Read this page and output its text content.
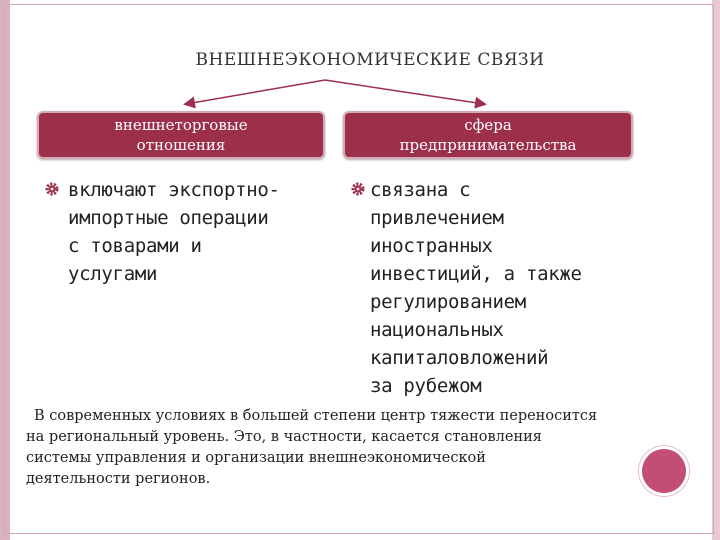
ВНЕШНЕЭКОНОМИЧЕСКИЕ СВЯЗИ
внешнеторговые
отношения
сфера
предпринимательства
включают экспортно-
импортные операции
с товарами и
услугами
связана с
привлечением
иностранных
инвестиций, а также
регулированием
национальных
капиталовложений
за рубежом
В современных условиях в большей степени центр тяжести переносится
на региональный уровень. Это, в частности, касается становления
системы управления и организации внешнеэкономической
деятельности регионов.
